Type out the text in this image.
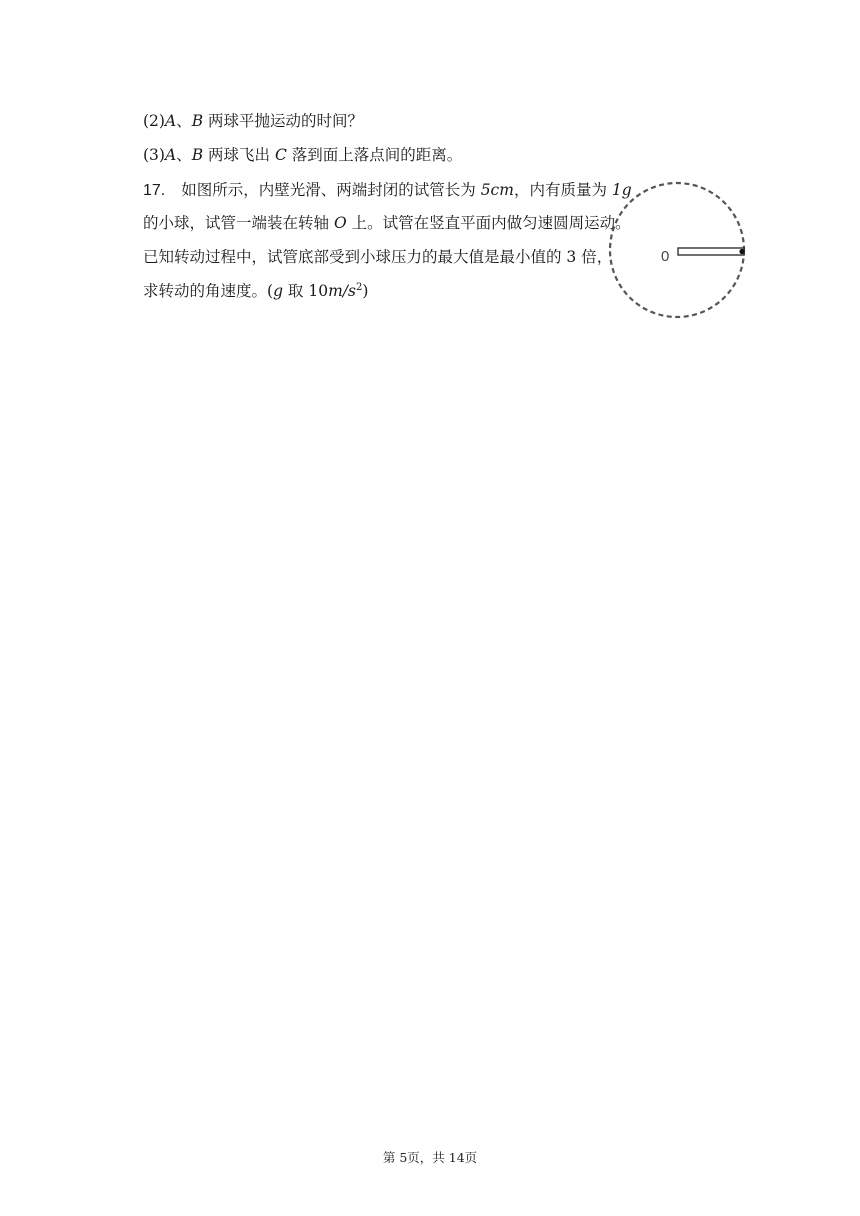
(2)A、B 两球平抛运动的时间？
(3)A、B 两球飞出 C 落到面上落点间的距离。
17. 如图所示，内壁光滑、两端封闭的试管长为 5cm，内有质量为 1g
的小球，试管一端装在转轴 O 上。试管在竖直平面内做匀速圆周运动。
已知转动过程中，试管底部受到小球压力的最大值是最小值的 3 倍，
求转动的角速度。(g 取 $10m/s^2$)
0
第 5页，共 14页
